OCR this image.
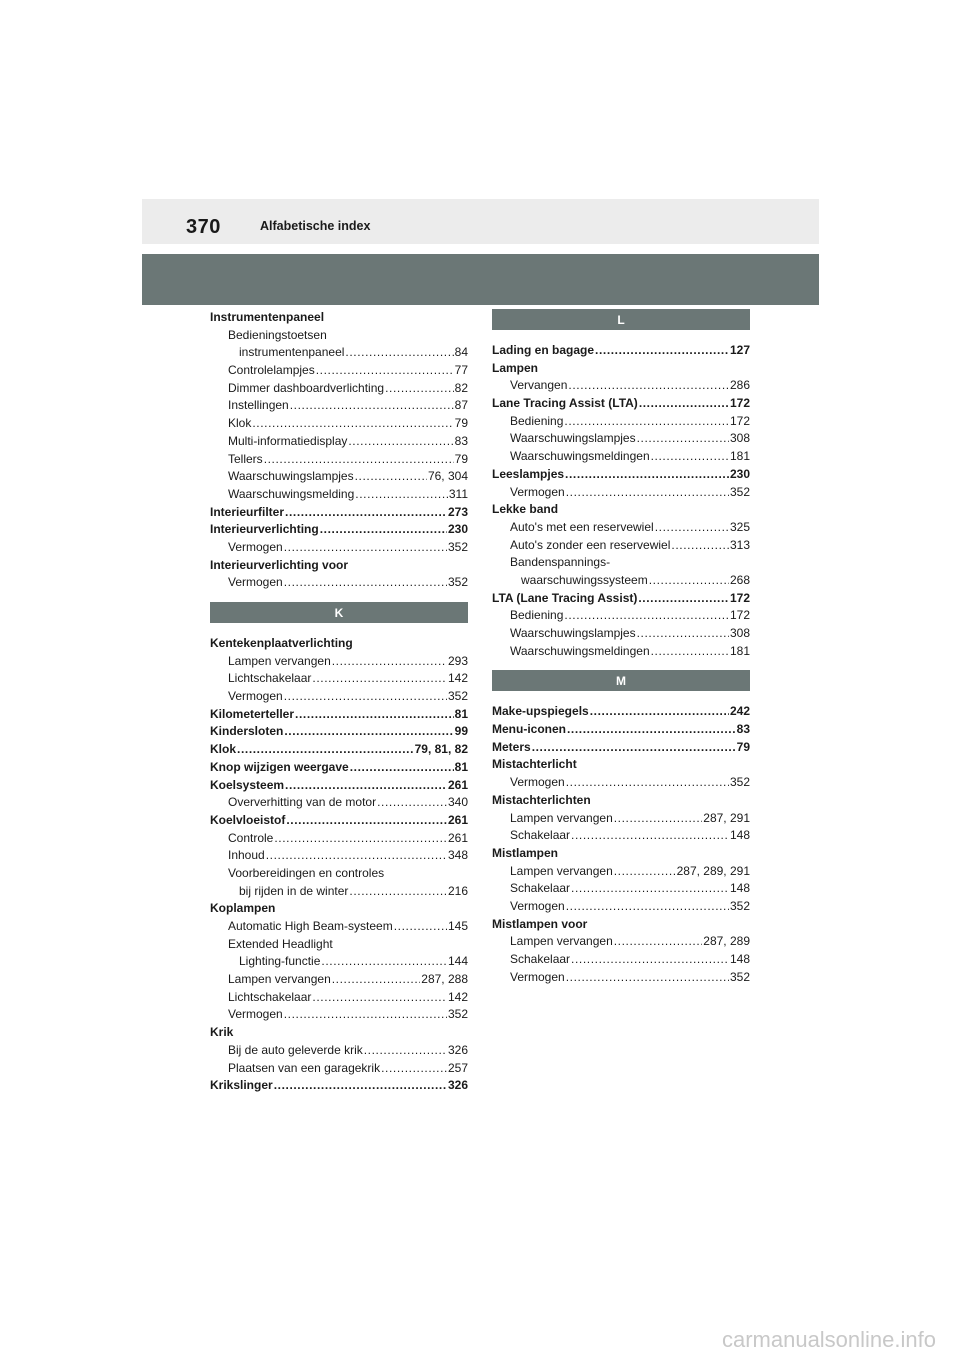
370	Alfabetische index
Instrumentenpaneel
Bedieningstoetsen
instrumentenpaneel .....	84
Controlelampjes .....	77
Dimmer dashboardverlichting .....	82
Instellingen .....	87
Klok .....	79
Multi-informatiedisplay .....	83
Tellers .....	79
Waarschuwingslampjes .....	76, 304
Waarschuwingsmelding .....	311
Interieurfilter .....	273
Interieurverlichting .....	230
Vermogen .....	352
Interieurverlichting voor
Vermogen .....	352
K
Kentekenplaatverlichting
Lampen vervangen .....	293
Lichtschakelaar .....	142
Vermogen .....	352
Kilometerteller .....	81
Kindersloten .....	99
Klok .....	79, 81, 82
Knop wijzigen weergave .....	81
Koelsysteem .....	261
Oververhitting van de motor .....	340
Koelvloeistof .....	261
Controle .....	261
Inhoud .....	348
Voorbereidingen en controles
bij rijden in de winter .....	216
Koplampen
Automatic High Beam-systeem .....	145
Extended Headlight
Lighting-functie .....	144
Lampen vervangen .....	287, 288
Lichtschakelaar .....	142
Vermogen .....	352
Krik
Bij de auto geleverde krik .....	326
Plaatsen van een garagekrik .....	257
Krikslinger .....	326
L
Lading en bagage .....	127
Lampen
Vervangen .....	286
Lane Tracing Assist (LTA) .....	172
Bediening .....	172
Waarschuwingslampjes .....	308
Waarschuwingsmeldingen .....	181
Leeslampjes .....	230
Vermogen .....	352
Lekke band
Auto's met een reservewiel .....	325
Auto's zonder een reservewiel .....	313
Bandenspannings-
waarschuwingssysteem .....	268
LTA (Lane Tracing Assist) .....	172
Bediening .....	172
Waarschuwingslampjes .....	308
Waarschuwingsmeldingen .....	181
M
Make-upspiegels .....	242
Menu-iconen .....	83
Meters .....	79
Mistachterlicht
Vermogen .....	352
Mistachterlichten
Lampen vervangen .....	287, 291
Schakelaar .....	148
Mistlampen
Lampen vervangen .....	287, 289, 291
Schakelaar .....	148
Vermogen .....	352
Mistlampen voor
Lampen vervangen .....	287, 289
Schakelaar .....	148
Vermogen .....	352
carmanualsonline.info
